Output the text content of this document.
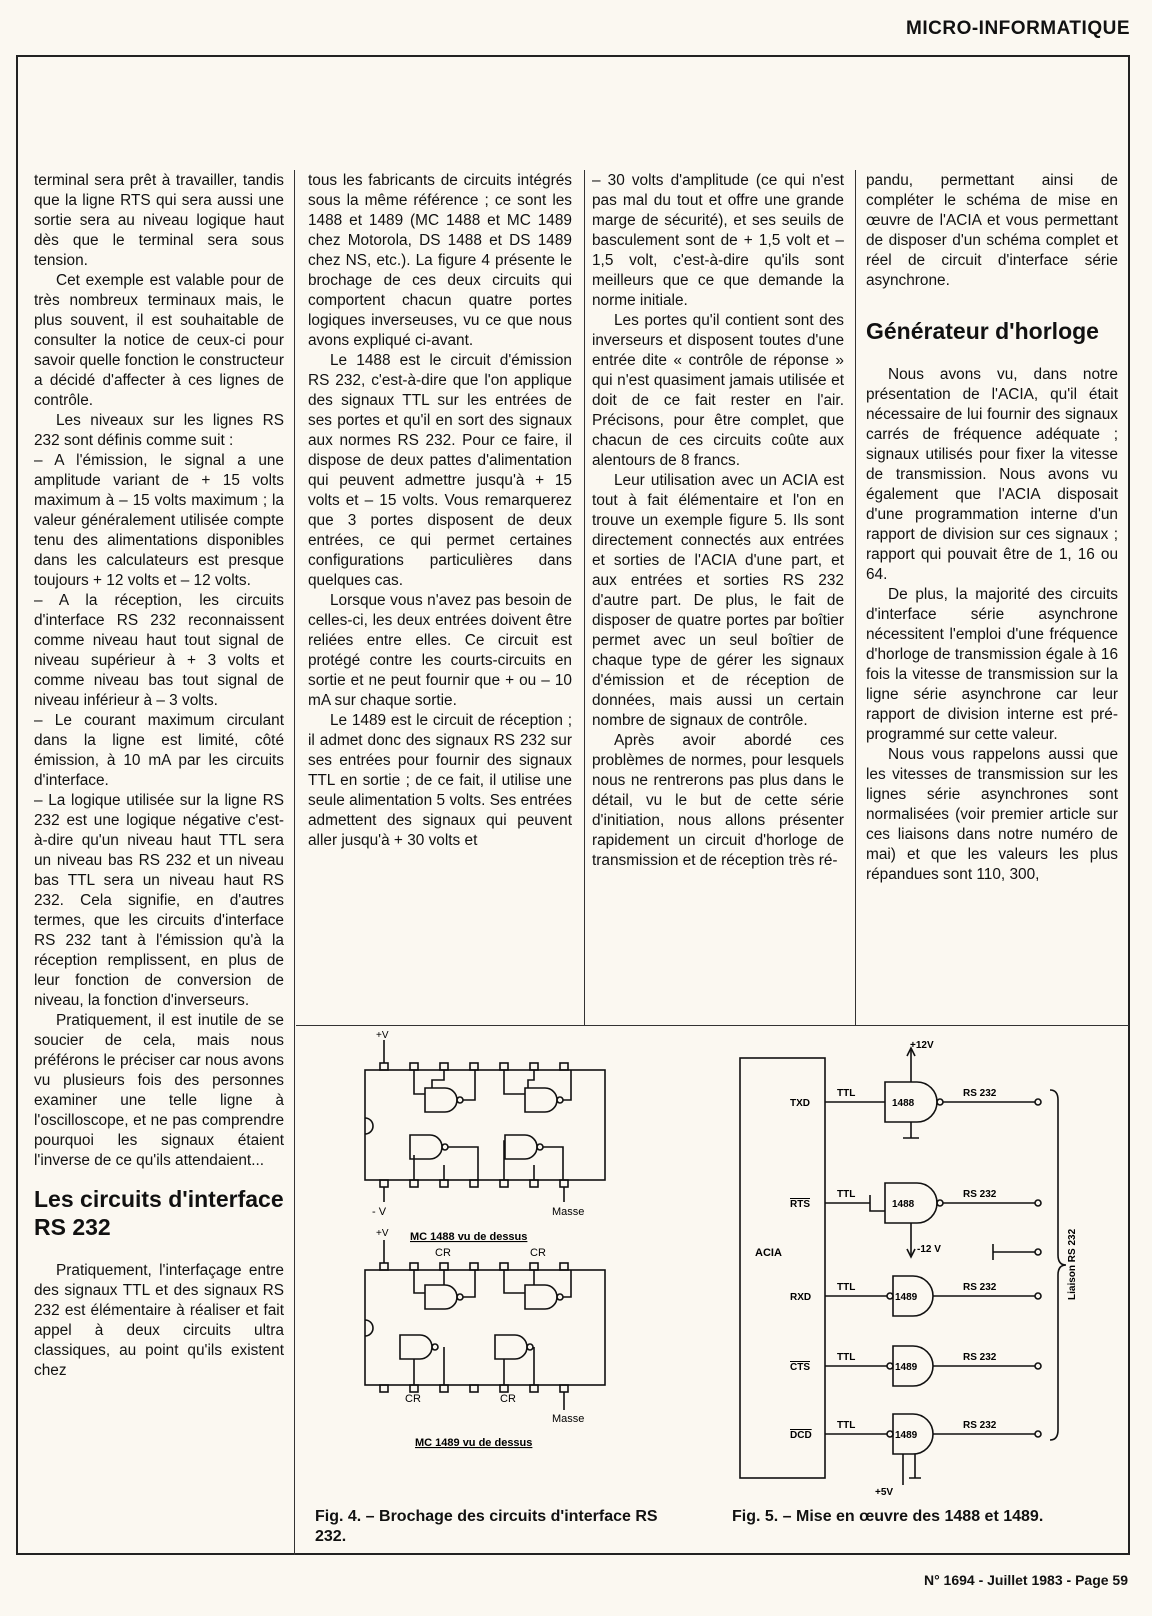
MICRO-INFORMATIQUE

terminal sera prêt à travailler, tandis que la ligne RTS qui sera aussi une sortie sera au niveau logique haut dès que le terminal sera sous tension.

Cet exemple est valable pour de très nombreux terminaux mais, le plus souvent, il est souhaitable de consulter la notice de ceux-ci pour savoir quelle fonction le constructeur a décidé d'affecter à ces lignes de contrôle.

Les niveaux sur les lignes RS 232 sont définis comme suit :

– A l'émission, le signal a une amplitude variant de + 15 volts maximum à – 15 volts maximum ; la valeur généralement utilisée compte tenu des alimentations disponibles dans les calculateurs est presque toujours + 12 volts et – 12 volts.

– A la réception, les circuits d'interface RS 232 reconnaissent comme niveau haut tout signal de niveau supérieur à + 3 volts et comme niveau bas tout signal de niveau inférieur à – 3 volts.

– Le courant maximum circulant dans la ligne est limité, côté émission, à 10 mA par les circuits d'interface.

– La logique utilisée sur la ligne RS 232 est une logique négative c'est-à-dire qu'un niveau haut TTL sera un niveau bas RS 232 et un niveau bas TTL sera un niveau haut RS 232. Cela signifie, en d'autres termes, que les circuits d'interface RS 232 tant à l'émission qu'à la réception remplissent, en plus de leur fonction de conversion de niveau, la fonction d'inverseurs.

Pratiquement, il est inutile de se soucier de cela, mais nous préférons le préciser car nous avons vu plusieurs fois des personnes examiner une telle ligne à l'oscilloscope, et ne pas comprendre pourquoi les signaux étaient l'inverse de ce qu'ils attendaient...

Les circuits d'interface RS 232

Pratiquement, l'interfaçage entre des signaux TTL et des signaux RS 232 est élémentaire à réaliser et fait appel à deux circuits ultra classiques, au point qu'ils existent chez

tous les fabricants de circuits intégrés sous la même référence ; ce sont les 1488 et 1489 (MC 1488 et MC 1489 chez Motorola, DS 1488 et DS 1489 chez NS, etc.). La figure 4 présente le brochage de ces deux circuits qui comportent chacun quatre portes logiques inverseuses, vu ce que nous avons expliqué ci-avant.

Le 1488 est le circuit d'émission RS 232, c'est-à-dire que l'on applique des signaux TTL sur les entrées de ses portes et qu'il en sort des signaux aux normes RS 232. Pour ce faire, il dispose de deux pattes d'alimentation qui peuvent admettre jusqu'à + 15 volts et – 15 volts. Vous remarquerez que 3 portes disposent de deux entrées, ce qui permet certaines configurations particulières dans quelques cas.

Lorsque vous n'avez pas besoin de celles-ci, les deux entrées doivent être reliées entre elles. Ce circuit est protégé contre les courts-circuits en sortie et ne peut fournir que + ou – 10 mA sur chaque sortie.

Le 1489 est le circuit de réception ; il admet donc des signaux RS 232 sur ses entrées pour fournir des signaux TTL en sortie ; de ce fait, il utilise une seule alimentation 5 volts. Ses entrées admettent des signaux qui peuvent aller jusqu'à + 30 volts et

– 30 volts d'amplitude (ce qui n'est pas mal du tout et offre une grande marge de sécurité), et ses seuils de basculement sont de + 1,5 volt et – 1,5 volt, c'est-à-dire qu'ils sont meilleurs que ce que demande la norme initiale.

Les portes qu'il contient sont des inverseurs et disposent toutes d'une entrée dite « contrôle de réponse » qui n'est quasiment jamais utilisée et doit de ce fait rester en l'air. Précisons, pour être complet, que chacun de ces circuits coûte aux alentours de 8 francs.

Leur utilisation avec un ACIA est tout à fait élémentaire et l'on en trouve un exemple figure 5. Ils sont directement connectés aux entrées et sorties de l'ACIA d'une part, et aux entrées et sorties RS 232 d'autre part. De plus, le fait de disposer de quatre portes par boîtier permet avec un seul boîtier de chaque type de gérer les signaux d'émission et de réception de données, mais aussi un certain nombre de signaux de contrôle.

Après avoir abordé ces problèmes de normes, pour lesquels nous ne rentrerons pas plus dans le détail, vu le but de cette série d'initiation, nous allons présenter rapidement un circuit d'horloge de transmission et de réception très ré-

pandu, permettant ainsi de compléter le schéma de mise en œuvre de l'ACIA et vous permettant de disposer d'un schéma complet et réel de circuit d'interface série asynchrone.

Générateur d'horloge

Nous avons vu, dans notre présentation de l'ACIA, qu'il était nécessaire de lui fournir des signaux carrés de fréquence adéquate ; signaux utilisés pour fixer la vitesse de transmission. Nous avons vu également que l'ACIA disposait d'une programmation interne d'un rapport de division sur ces signaux ; rapport qui pouvait être de 1, 16 ou 64.

De plus, la majorité des circuits d'interface série asynchrone nécessitent l'emploi d'une fréquence d'horloge de transmission égale à 16 fois la vitesse de transmission sur la ligne série asynchrone car leur rapport de division interne est pré-programmé sur cette valeur.

Nous vous rappelons aussi que les vitesses de transmission sur les lignes série asynchrones sont normalisées (voir premier article sur ces liaisons dans notre numéro de mai) et que les valeurs les plus répandues sont 110, 300,

+V
- V	Masse
MC 1488 vu de dessus
+V
CR	CR
CR	CR
Masse
MC 1489 vu de dessus
Fig. 4. – Brochage des circuits d'interface RS 232.
+12V
-12 V
+5V
ACIA	Liaison RS 232
TXD
TTL
1488
RS 232
RTS
TTL
1488
RS 232
RXD
TTL
1489
RS 232
CTS
TTL
1489
RS 232
DCD
TTL
1489
RS 232
Fig. 5. – Mise en œuvre des 1488 et 1489.
N° 1694 - Juillet 1983 - Page 59
